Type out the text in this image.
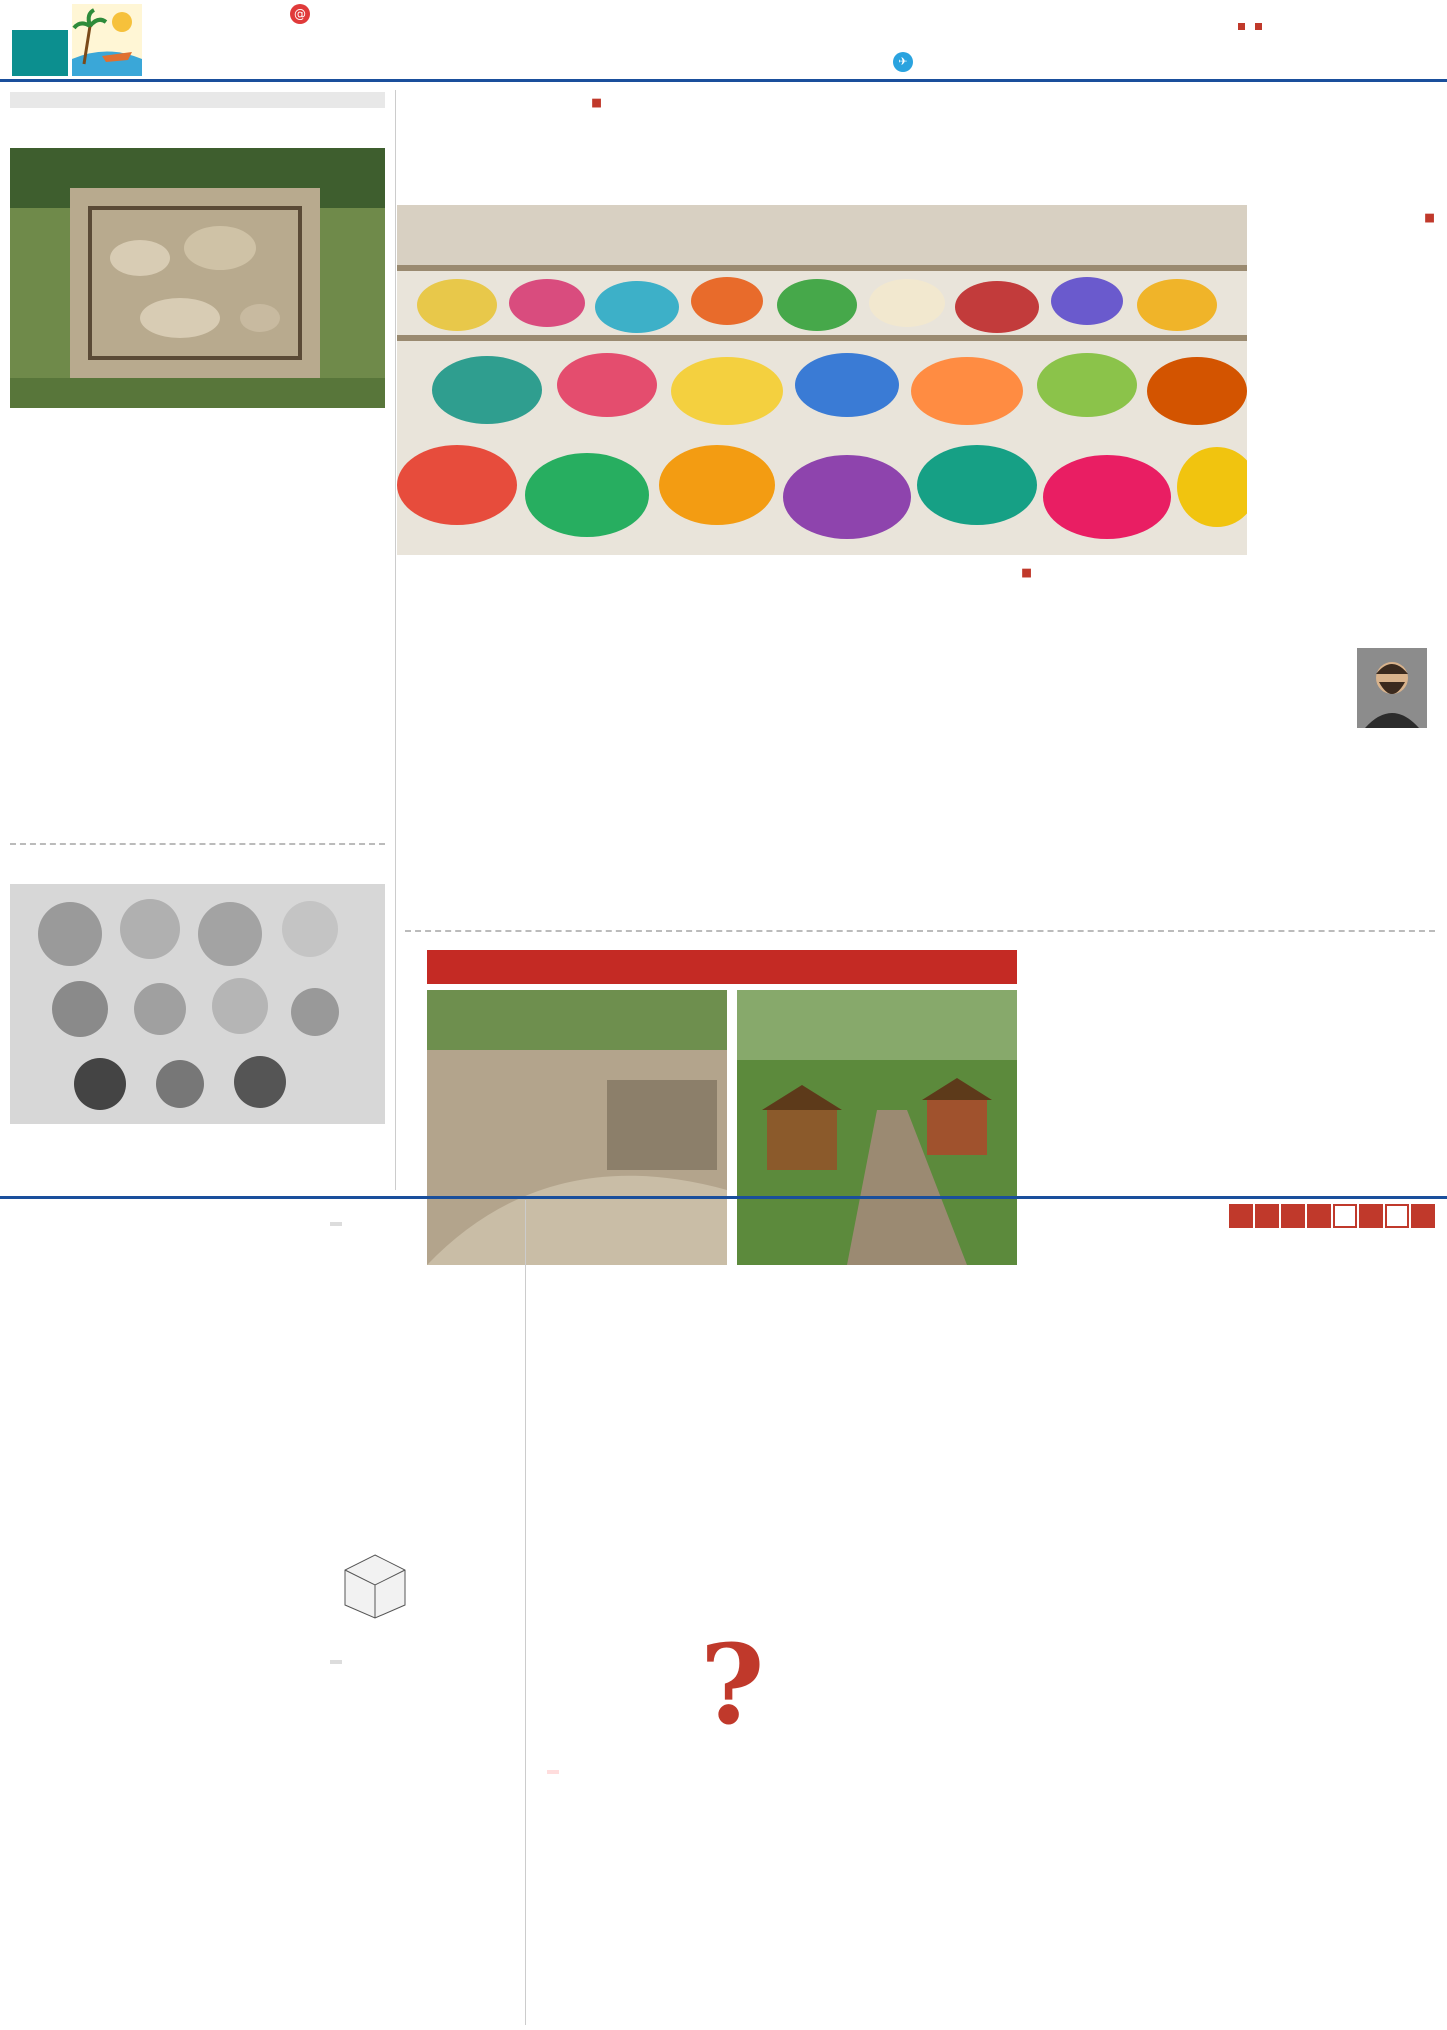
✈
@

■

■

■

?
